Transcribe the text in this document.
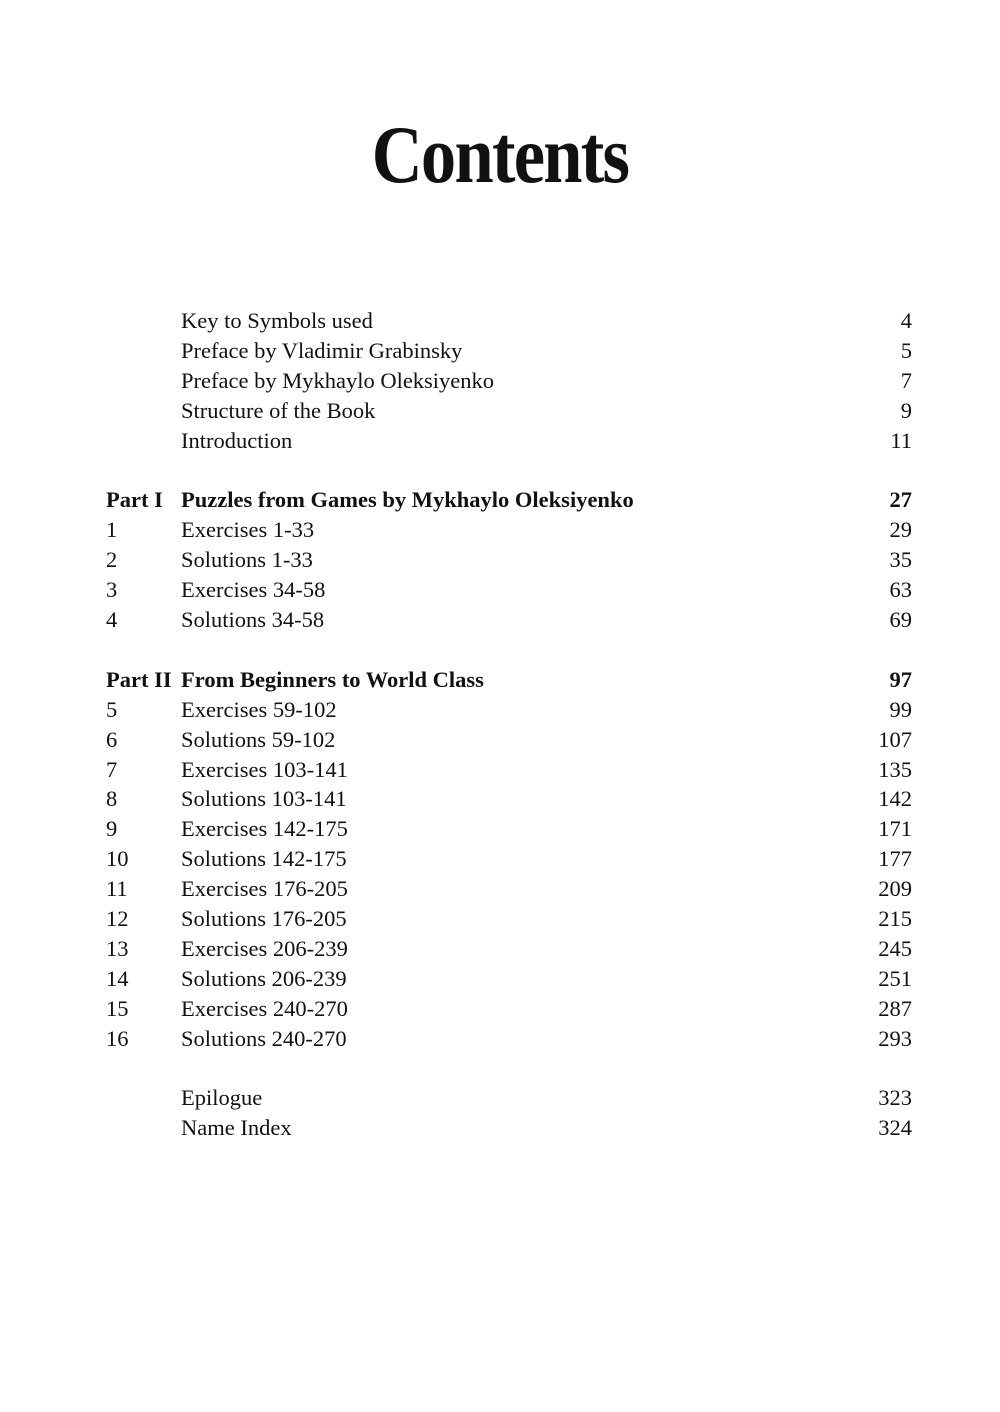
Contents
Key to Symbols used	4
Preface by Vladimir Grabinsky	5
Preface by Mykhaylo Oleksiyenko	7
Structure of the Book	9
Introduction	11
Part I Puzzles from Games by Mykhaylo Oleksiyenko	27
1	Exercises 1-33	29
2	Solutions 1-33	35
3	Exercises 34-58	63
4	Solutions 34-58	69
Part II From Beginners to World Class	97
5	Exercises 59-102	99
6	Solutions 59-102	107
7	Exercises 103-141	135
8	Solutions 103-141	142
9	Exercises 142-175	171
10 Solutions 142-175	177
11 Exercises 176-205	209
12 Solutions 176-205	215
13 Exercises 206-239	245
14 Solutions 206-239	251
15 Exercises 240-270	287
16 Solutions 240-270	293
Epilogue	323
Name Index	324
